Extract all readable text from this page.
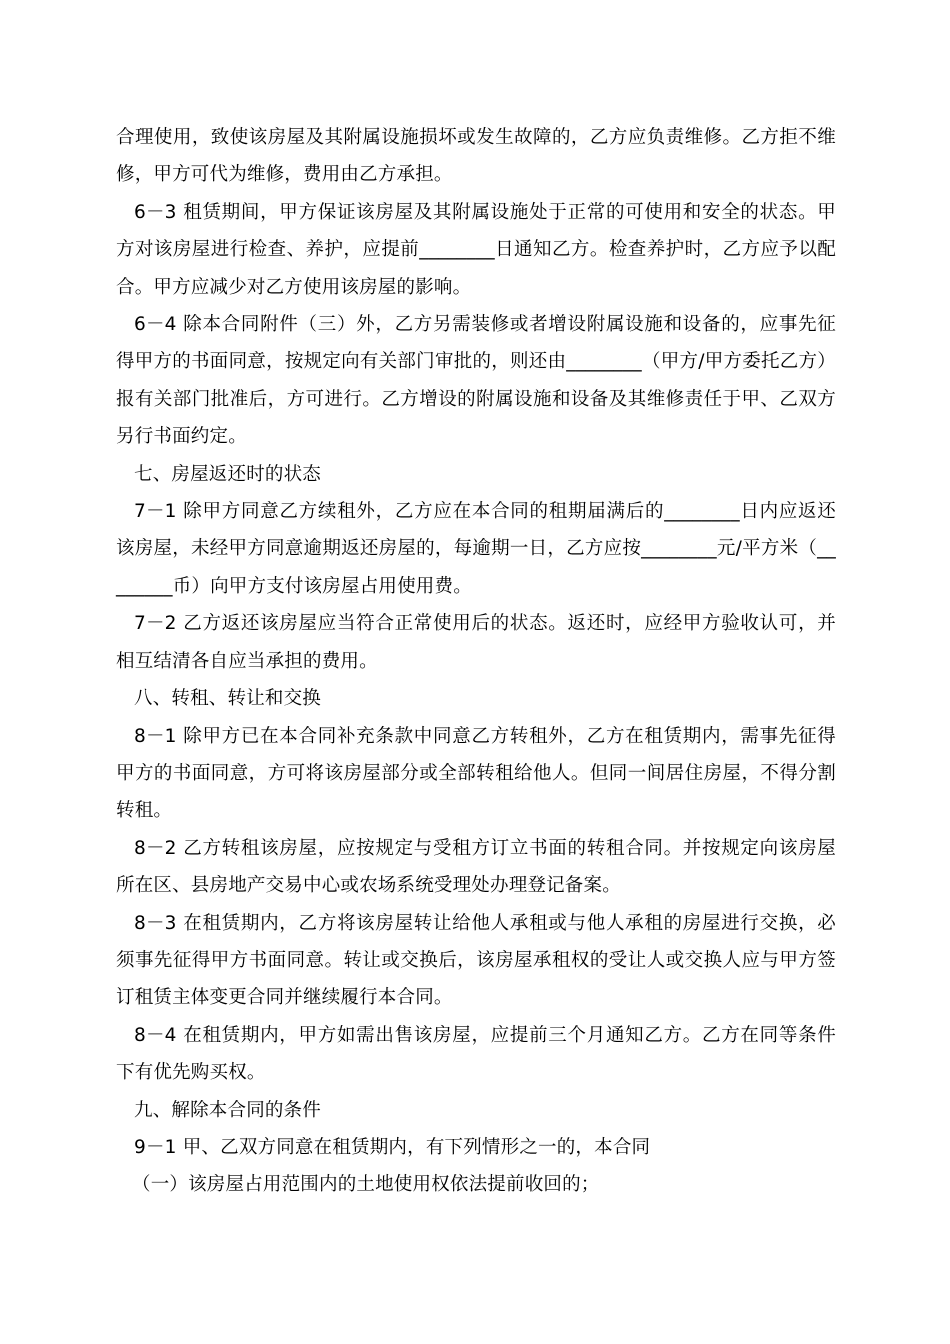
合理使用，致使该房屋及其附属设施损坏或发生故障的，乙方应负责维修。乙方拒不维修，甲方可代为维修，费用由乙方承担。

6－3 租赁期间，甲方保证该房屋及其附属设施处于正常的可使用和安全的状态。甲方对该房屋进行检查、养护，应提前________日通知乙方。检查养护时，乙方应予以配合。甲方应减少对乙方使用该房屋的影响。

6－4 除本合同附件（三）外，乙方另需装修或者增设附属设施和设备的，应事先征得甲方的书面同意，按规定向有关部门审批的，则还由________（甲方/甲方委托乙方）报有关部门批准后，方可进行。乙方增设的附属设施和设备及其维修责任于甲、乙双方另行书面约定。

七、房屋返还时的状态

7－1 除甲方同意乙方续租外，乙方应在本合同的租期届满后的________日内应返还该房屋，未经甲方同意逾期返还房屋的，每逾期一日，乙方应按________元/平方米（________币）向甲方支付该房屋占用使用费。

7－2 乙方返还该房屋应当符合正常使用后的状态。返还时，应经甲方验收认可，并相互结清各自应当承担的费用。

八、转租、转让和交换

8－1 除甲方已在本合同补充条款中同意乙方转租外，乙方在租赁期内，需事先征得甲方的书面同意，方可将该房屋部分或全部转租给他人。但同一间居住房屋，不得分割转租。

8－2 乙方转租该房屋，应按规定与受租方订立书面的转租合同。并按规定向该房屋所在区、县房地产交易中心或农场系统受理处办理登记备案。

8－3 在租赁期内，乙方将该房屋转让给他人承租或与他人承租的房屋进行交换，必须事先征得甲方书面同意。转让或交换后，该房屋承租权的受让人或交换人应与甲方签订租赁主体变更合同并继续履行本合同。

8－4 在租赁期内，甲方如需出售该房屋，应提前三个月通知乙方。乙方在同等条件下有优先购买权。

九、解除本合同的条件

9－1 甲、乙双方同意在租赁期内，有下列情形之一的，本合同

（一）该房屋占用范围内的土地使用权依法提前收回的；
